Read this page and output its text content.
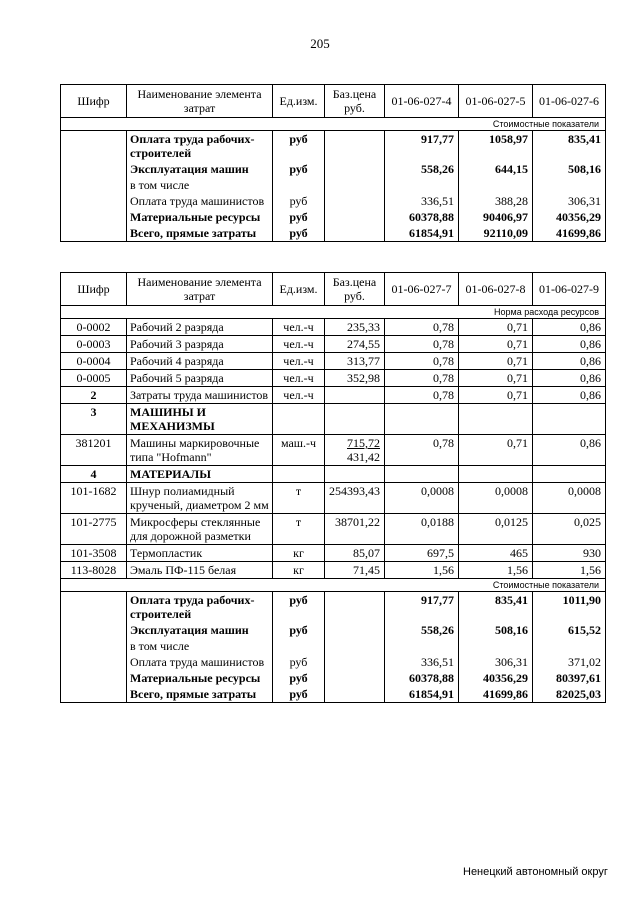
205
Шифр	Наименование элемента затрат	Ед.изм.	Баз.цена руб.	01-06-027-4	01-06-027-5	01-06-027-6
Стоимостные показатели						
	Оплата труда рабочих-строителей	руб		917,77	1058,97	835,41
	Эксплуатация машин	руб		558,26	644,15	508,16
	в том числе					
	Оплата труда машинистов	руб		336,51	388,28	306,31
	Материальные ресурсы	руб		60378,88	90406,97	40356,29
	Всего, прямые затраты	руб		61854,91	92110,09	41699,86
Шифр	Наименование элемента затрат	Ед.изм.	Баз.цена руб.	01-06-027-7	01-06-027-8	01-06-027-9
Норма расхода ресурсов						
0-0002	Рабочий 2 разряда	чел.-ч	235,33	0,78	0,71	0,86
0-0003	Рабочий 3 разряда	чел.-ч	274,55	0,78	0,71	0,86
0-0004	Рабочий 4 разряда	чел.-ч	313,77	0,78	0,71	0,86
0-0005	Рабочий 5 разряда	чел.-ч	352,98	0,78	0,71	0,86
2	Затраты труда машинистов	чел.-ч		0,78	0,71	0,86
3	МАШИНЫ И МЕХАНИЗМЫ					
381201	Машины маркировочные типа "Hofmann"	маш.-ч	715,72
431,42	0,78	0,71	0,86
4	МАТЕРИАЛЫ					
101-1682	Шнур полиамидный крученый, диаметром 2 мм	т	254393,43	0,0008	0,0008	0,0008
101-2775	Микросферы стеклянные для дорожной разметки	т	38701,22	0,0188	0,0125	0,025
101-3508	Термопластик	кг	85,07	697,5	465	930
113-8028	Эмаль ПФ-115 белая	кг	71,45	1,56	1,56	1,56
Стоимостные показатели						
	Оплата труда рабочих-строителей	руб		917,77	835,41	1011,90
	Эксплуатация машин	руб		558,26	508,16	615,52
	в том числе					
	Оплата труда машинистов	руб		336,51	306,31	371,02
	Материальные ресурсы	руб		60378,88	40356,29	80397,61
	Всего, прямые затраты	руб		61854,91	41699,86	82025,03
Ненецкий автономный округ
